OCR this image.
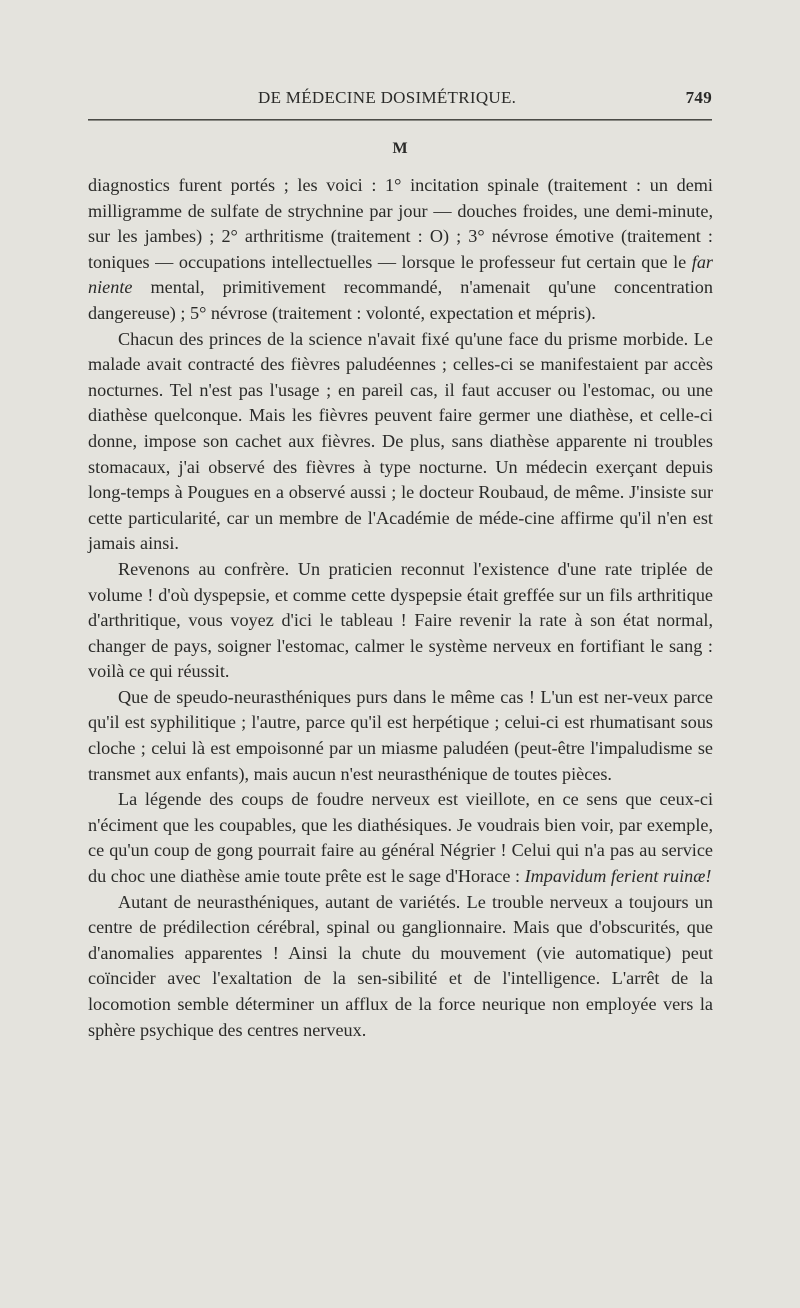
DE MÉDECINE DOSIMÉTRIQUE.	749
M

diagnostics furent portés ; les voici : 1° incitation spinale (traitement : un demi milligramme de sulfate de strychnine par jour — douches froides, une demi-minute, sur les jambes) ; 2° arthritisme (traitement : O) ; 3° névrose émotive (traitement : toniques — occupations intellectuelles — lorsque le professeur fut certain que le far niente mental, primitivement recommandé, n'amenait qu'une concentration dangereuse) ; 5° névrose (traitement : volonté, expectation et mépris).

Chacun des princes de la science n'avait fixé qu'une face du prisme morbide. Le malade avait contracté des fièvres paludéennes ; celles-ci se manifestaient par accès nocturnes. Tel n'est pas l'usage ; en pareil cas, il faut accuser ou l'estomac, ou une diathèse quelconque. Mais les fièvres peuvent faire germer une diathèse, et celle-ci donne, impose son cachet aux fièvres. De plus, sans diathèse apparente ni troubles stomacaux, j'ai observé des fièvres à type nocturne. Un médecin exerçant depuis long-temps à Pougues en a observé aussi ; le docteur Roubaud, de même. J'insiste sur cette particularité, car un membre de l'Académie de méde-cine affirme qu'il n'en est jamais ainsi.

Revenons au confrère. Un praticien reconnut l'existence d'une rate triplée de volume ! d'où dyspepsie, et comme cette dyspepsie était greffée sur un fils arthritique d'arthritique, vous voyez d'ici le tableau ! Faire revenir la rate à son état normal, changer de pays, soigner l'estomac, calmer le système nerveux en fortifiant le sang : voilà ce qui réussit.

Que de speudo-neurasthéniques purs dans le même cas ! L'un est ner-veux parce qu'il est syphilitique ; l'autre, parce qu'il est herpétique ; celui-ci est rhumatisant sous cloche ; celui là est empoisonné par un miasme paludéen (peut-être l'impaludisme se transmet aux enfants), mais aucun n'est neurasthénique de toutes pièces.

La légende des coups de foudre nerveux est vieillote, en ce sens que ceux-ci n'éciment que les coupables, que les diathésiques. Je voudrais bien voir, par exemple, ce qu'un coup de gong pourrait faire au général Négrier ! Celui qui n'a pas au service du choc une diathèse amie toute prête est le sage d'Horace : Impavidum ferient ruinæ!

Autant de neurasthéniques, autant de variétés. Le trouble nerveux a toujours un centre de prédilection cérébral, spinal ou ganglionnaire. Mais que d'obscurités, que d'anomalies apparentes ! Ainsi la chute du mouvement (vie automatique) peut coïncider avec l'exaltation de la sen-sibilité et de l'intelligence. L'arrêt de la locomotion semble déterminer un afflux de la force neurique non employée vers la sphère psychique des centres nerveux.
